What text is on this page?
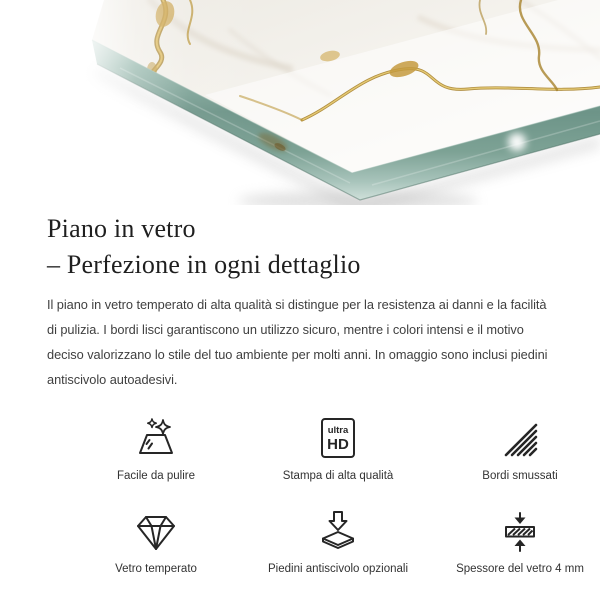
Piano in vetro
– Perfezione in ogni dettaglio

Il piano in vetro temperato di alta qualità si distingue per la resistenza ai danni e la facilità di pulizia. I bordi lisci garantiscono un utilizzo sicuro, mentre i colori intensi e il motivo deciso valorizzano lo stile del tuo ambiente per molti anni. In omaggio sono inclusi piedini antiscivolo autoadesivi.

Facile da pulire
ultra
HD
Stampa di alta qualità	Bordi smussati
Vetro temperato	Piedini antiscivolo opzionali	Spessore del vetro 4 mm
